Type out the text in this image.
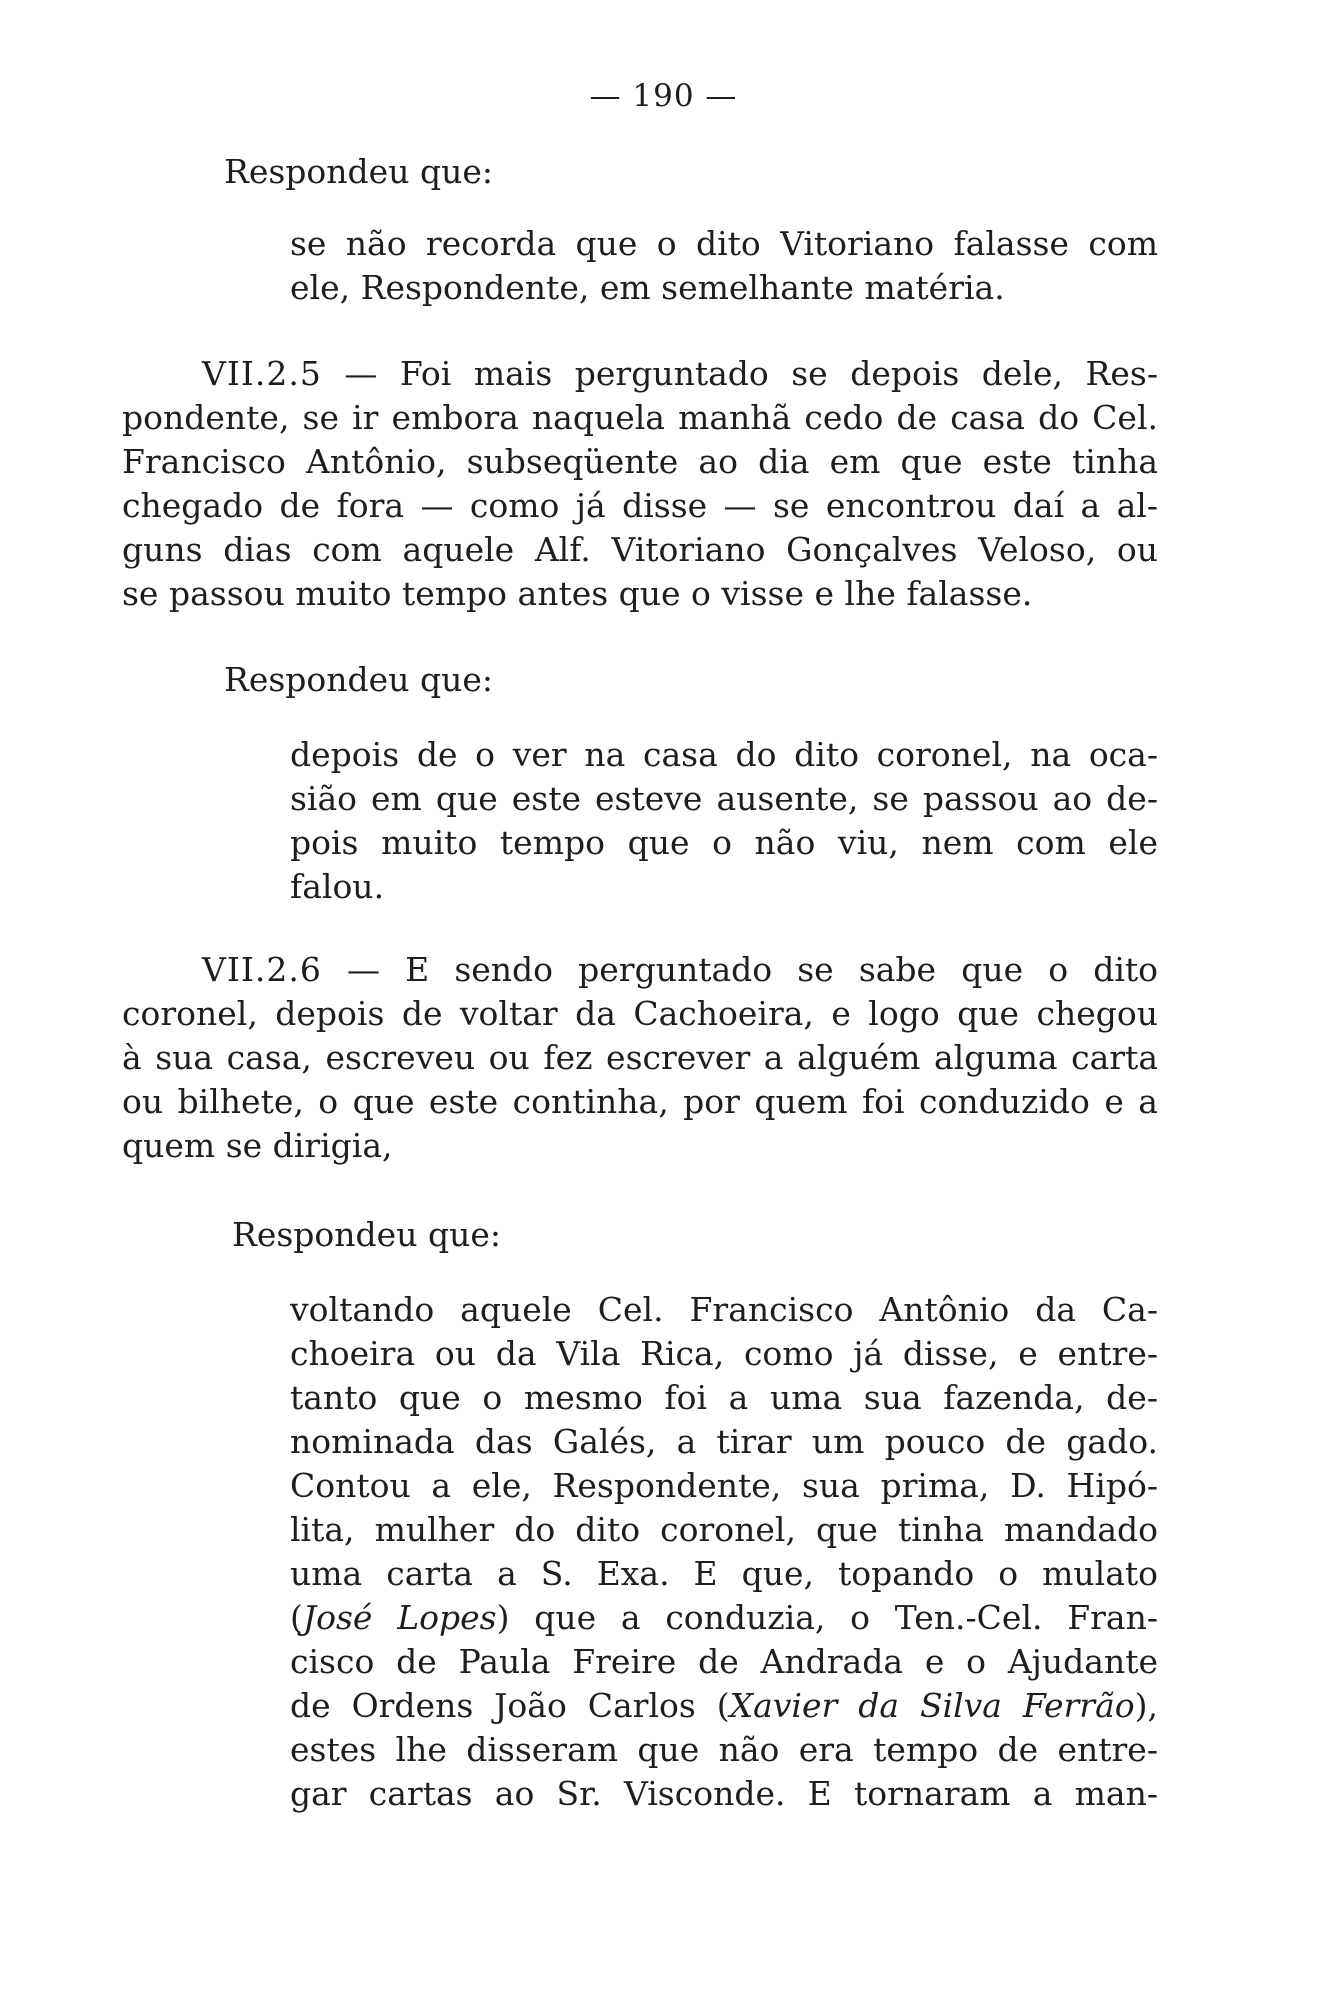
— 190 —
Respondeu que:
se não recorda que o dito Vitoriano falasse com
ele, Respondente, em semelhante matéria.
VII.2.5 — Foi mais perguntado se depois dele, Res-
pondente, se ir embora naquela manhã cedo de casa do Cel.
Francisco Antônio, subseqüente ao dia em que este tinha
chegado de fora — como já disse — se encontrou daí a al-
guns dias com aquele Alf. Vitoriano Gonçalves Veloso, ou
se passou muito tempo antes que o visse e lhe falasse.
Respondeu que:
depois de o ver na casa do dito coronel, na oca-
sião em que este esteve ausente, se passou ao de-
pois muito tempo que o não viu, nem com ele
falou.
VII.2.6 — E sendo perguntado se sabe que o dito
coronel, depois de voltar da Cachoeira, e logo que chegou
à sua casa, escreveu ou fez escrever a alguém alguma carta
ou bilhete, o que este continha, por quem foi conduzido e a
quem se dirigia,
Respondeu que:
voltando aquele Cel. Francisco Antônio da Ca-
choeira ou da Vila Rica, como já disse, e entre-
tanto que o mesmo foi a uma sua fazenda, de-
nominada das Galés, a tirar um pouco de gado.
Contou a ele, Respondente, sua prima, D. Hipó-
lita, mulher do dito coronel, que tinha mandado
uma carta a S. Exa. E que, topando o mulato
(José Lopes) que a conduzia, o Ten.-Cel. Fran-
cisco de Paula Freire de Andrada e o Ajudante
de Ordens João Carlos (Xavier da Silva Ferrão),
estes lhe disseram que não era tempo de entre-
gar cartas ao Sr. Visconde. E tornaram a man-
